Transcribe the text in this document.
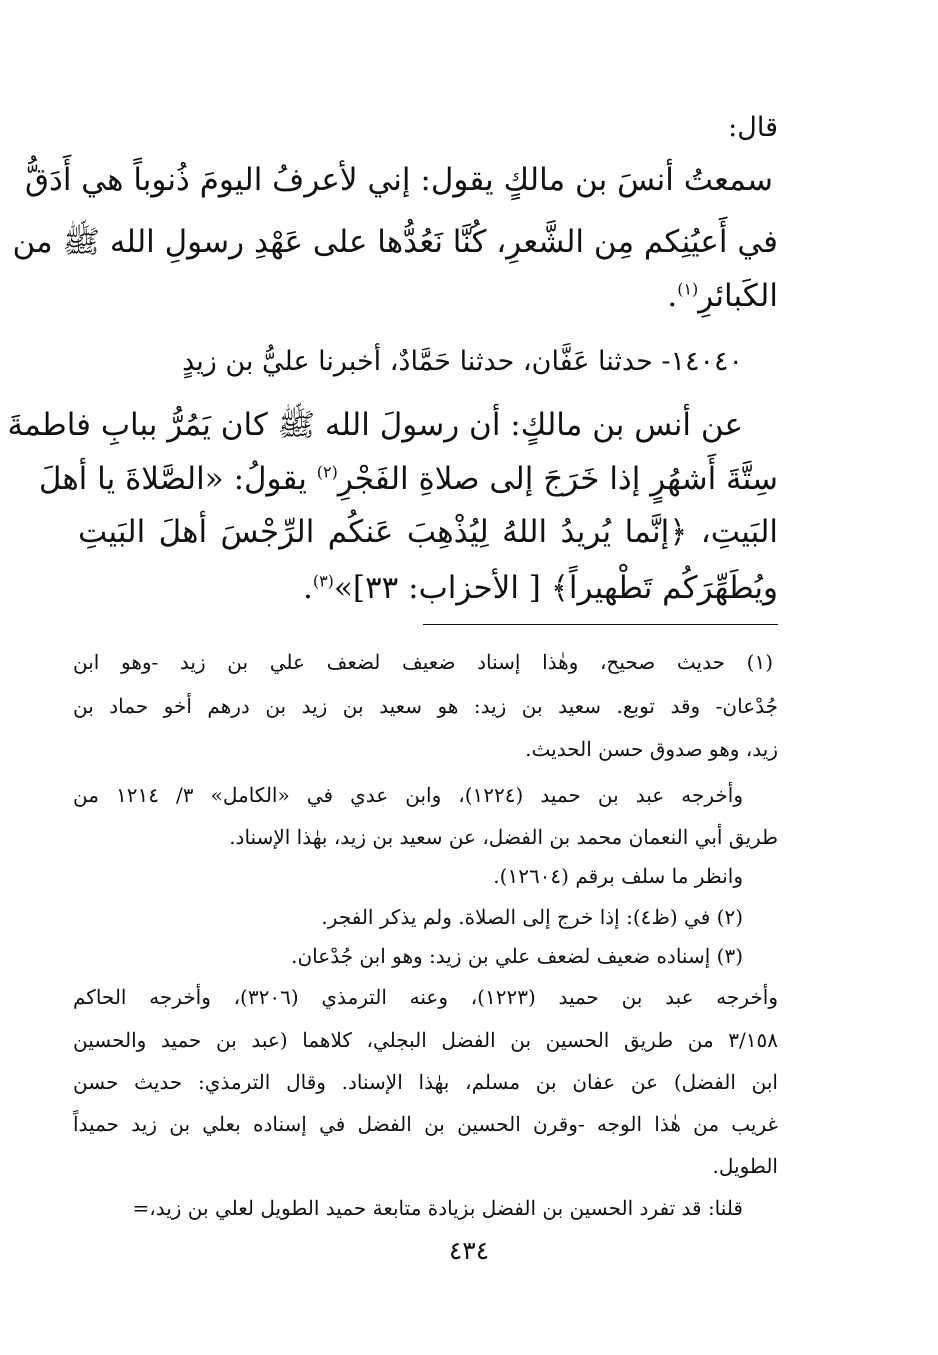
قال:
سمعتُ أنسَ بن مالكٍ يقول: إني لأعرفُ اليومَ ذُنوباً هي أَدَقُّ
في أَعيُنِكم مِن الشَّعرِ، كُنَّا نَعُدُّها على عَهْدِ رسولِ الله ﷺ من
الكَبائرِ$^{(١)}$.
١٤٠٤٠- حدثنا عَفَّان، حدثنا حَمَّادٌ، أخبرنا عليُّ بن زيدٍ
عن أنس بن مالكٍ: أن رسولَ الله ﷺ كان يَمُرُّ ببابِ فاطمةَ
سِتَّةَ أَشهُرٍ إذا خَرَجَ إلى صلاةِ الفَجْرِ$^{(٢)}$ يقولُ: «الصَّلاةَ يا أهلَ
البَيتِ، ﴿إنَّما يُريدُ اللهُ لِيُذْهِبَ عَنكُم الرِّجْسَ أهلَ البَيتِ
ويُطَهِّرَكُم تَطْهيراً﴾ [ الأحزاب: ٣٣]»$^{(٣)}$.
(١) حديث صحيح، وهٰذا إسناد ضعيف لضعف علي بن زيد -وهو ابن
جُدْعان- وقد توبع. سعيد بن زيد: هو سعيد بن زيد بن درهم أخو حماد بن
زيد، وهو صدوق حسن الحديث.
وأخرجه عبد بن حميد (١٢٢٤)، وابن عدي في «الكامل» ٣/ ١٢١٤ من
طريق أبي النعمان محمد بن الفضل، عن سعيد بن زيد، بهٰذا الإسناد.
وانظر ما سلف برقم (١٢٦٠٤).
(٢) في (ظ٤): إذا خرج إلى الصلاة. ولم يذكر الفجر.
(٣) إسناده ضعيف لضعف علي بن زيد: وهو ابن جُدْعان.
وأخرجه عبد بن حميد (١٢٢٣)، وعنه الترمذي (٣٢٠٦)، وأخرجه الحاكم
٣/١٥٨ من طريق الحسين بن الفضل البجلي، كلاهما (عبد بن حميد والحسين
ابن الفضل) عن عفان بن مسلم، بهٰذا الإسناد. وقال الترمذي: حديث حسن
غريب من هٰذا الوجه -وقرن الحسين بن الفضل في إسناده بعلي بن زيد حميداً
الطويل.
قلنا: قد تفرد الحسين بن الفضل بزيادة متابعة حميد الطويل لعلي بن زيد،=
٤٣٤
